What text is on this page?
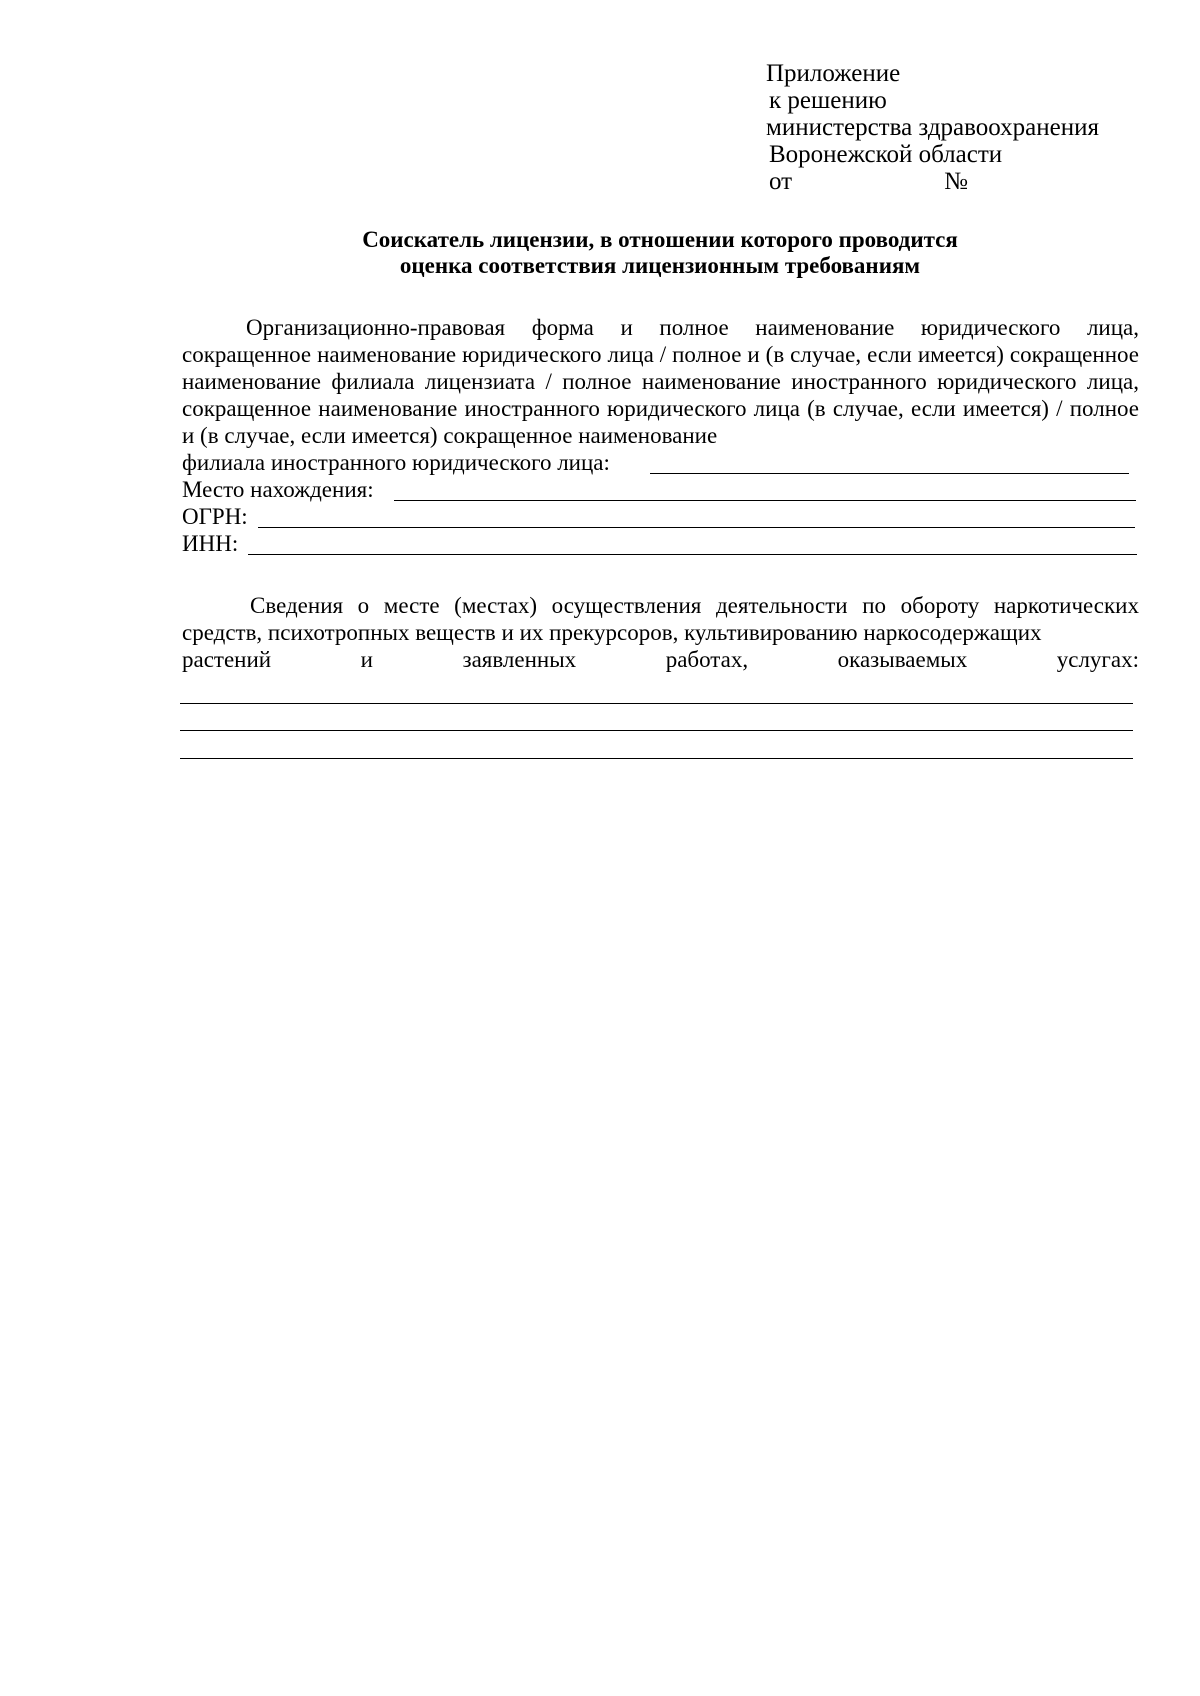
Приложение
к решению
министерства здравоохранения
Воронежской области
от	№
Соискатель лицензии, в отношении которого проводится
оценка соответствия лицензионным требованиям
Организационно-правовая форма и полное наименование юридического лица, сокращенное наименование юридического лица / полное и (в случае, если имеется) сокращенное наименование филиала лицензиата / полное наименование иностранного юридического лица, сокращенное наименование иностранного юридического лица (в случае, если имеется) / полное и (в случае, если имеется) сокращенное наименование
филиала иностранного юридического лица:
Место нахождения:
ОГРН:
ИНН:
Сведения о месте (местах) осуществления деятельности по обороту наркотических средств, психотропных веществ и их прекурсоров, культивированию наркосодержащих
растений	и	заявленных	работах,	оказываемых	услугах:
